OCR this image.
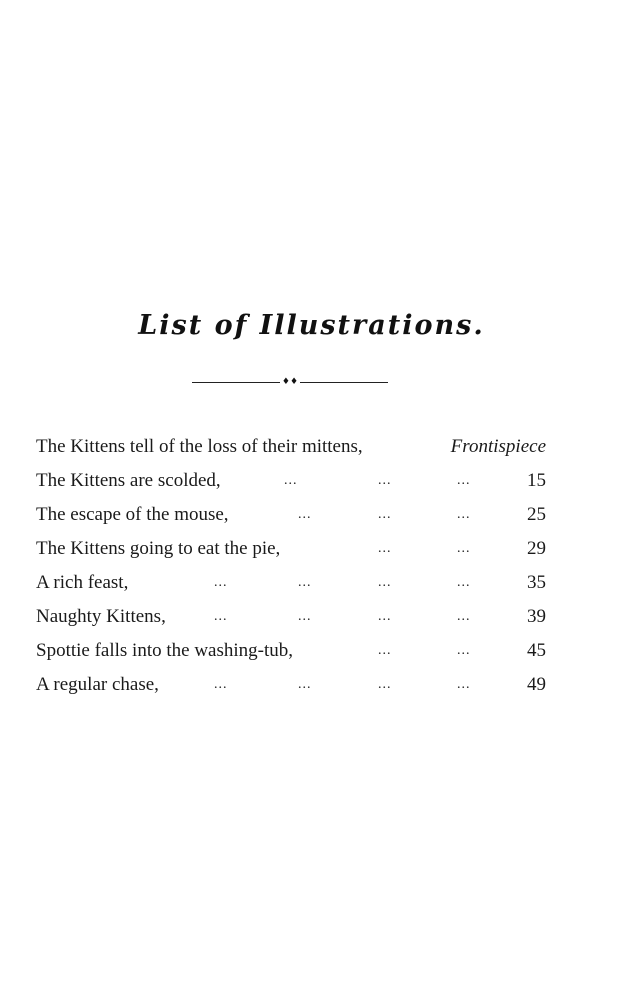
List of Illustrations.
♦♦
The Kittens tell of the loss of their mittens,	Frontispiece
The Kittens are scolded,	...	...	...	15
The escape of the mouse,	...	...	...	25
The Kittens going to eat the pie,	...	...	29
A rich feast,	...	...	...	...	35
Naughty Kittens,	...	...	...	...	39
Spottie falls into the washing-tub,	...	...	45
A regular chase,	...	...	...	...	49
